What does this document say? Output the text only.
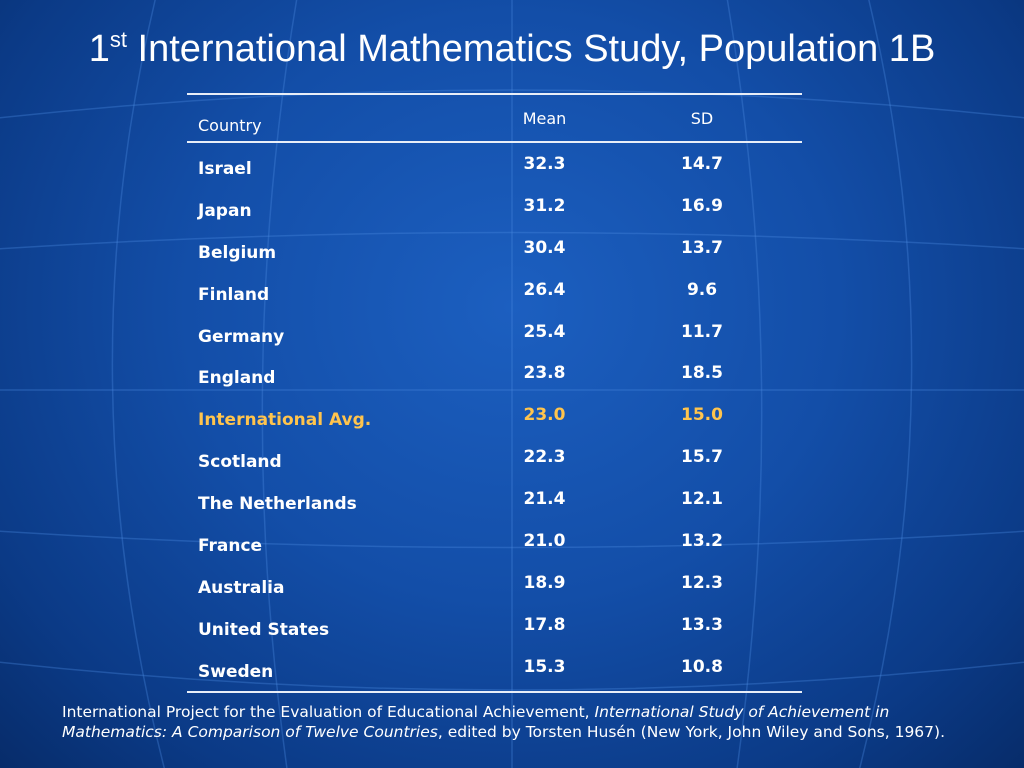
1st International Mathematics Study, Population 1B
Country	Mean	SD
Israel	32.3	14.7
Japan	31.2	16.9
Belgium	30.4	13.7
Finland	26.4	9.6
Germany	25.4	11.7
England	23.8	18.5
International Avg.	23.0	15.0
Scotland	22.3	15.7
The Netherlands	21.4	12.1
France	21.0	13.2
Australia	18.9	12.3
United States	17.8	13.3
Sweden	15.3	10.8
International Project for the Evaluation of Educational Achievement, International Study of Achievement in Mathematics: A Comparison of Twelve Countries, edited by Torsten Husén (New York, John Wiley and Sons, 1967).
